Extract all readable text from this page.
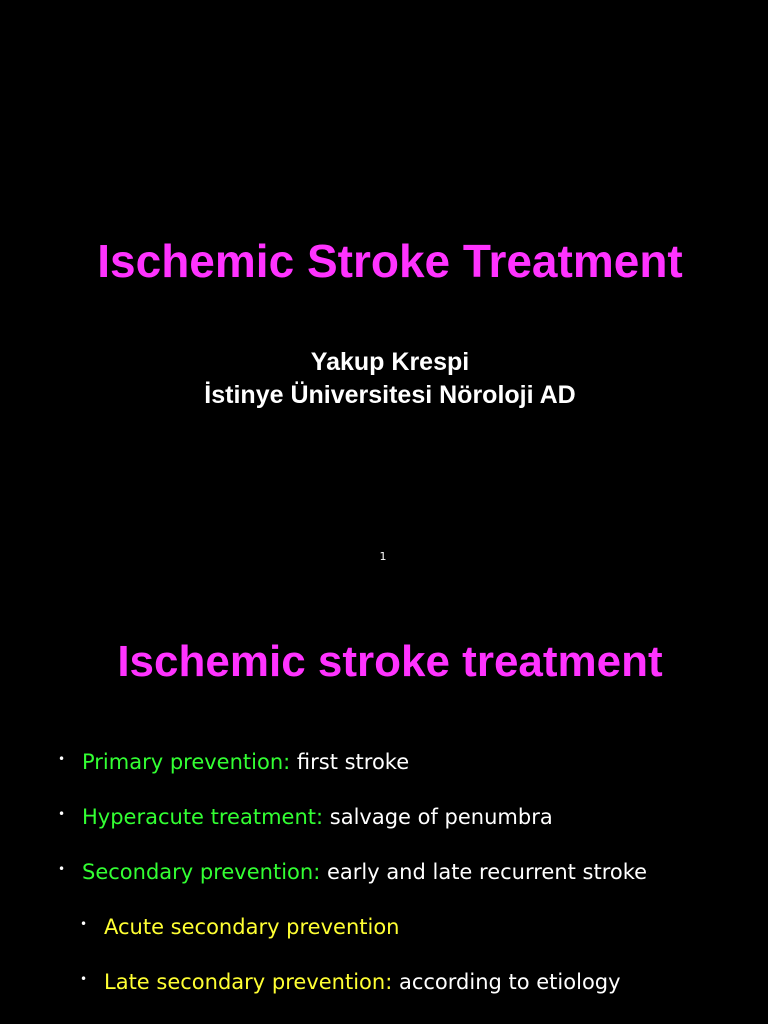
Ischemic Stroke Treatment
Yakup Krespi
İstinye Üniversitesi Nöroloji AD
1
Ischemic stroke treatment
• Primary prevention: first stroke
• Hyperacute treatment: salvage of penumbra
• Secondary prevention: early and late recurrent stroke
• Acute secondary prevention
• Late secondary prevention: according to etiology
